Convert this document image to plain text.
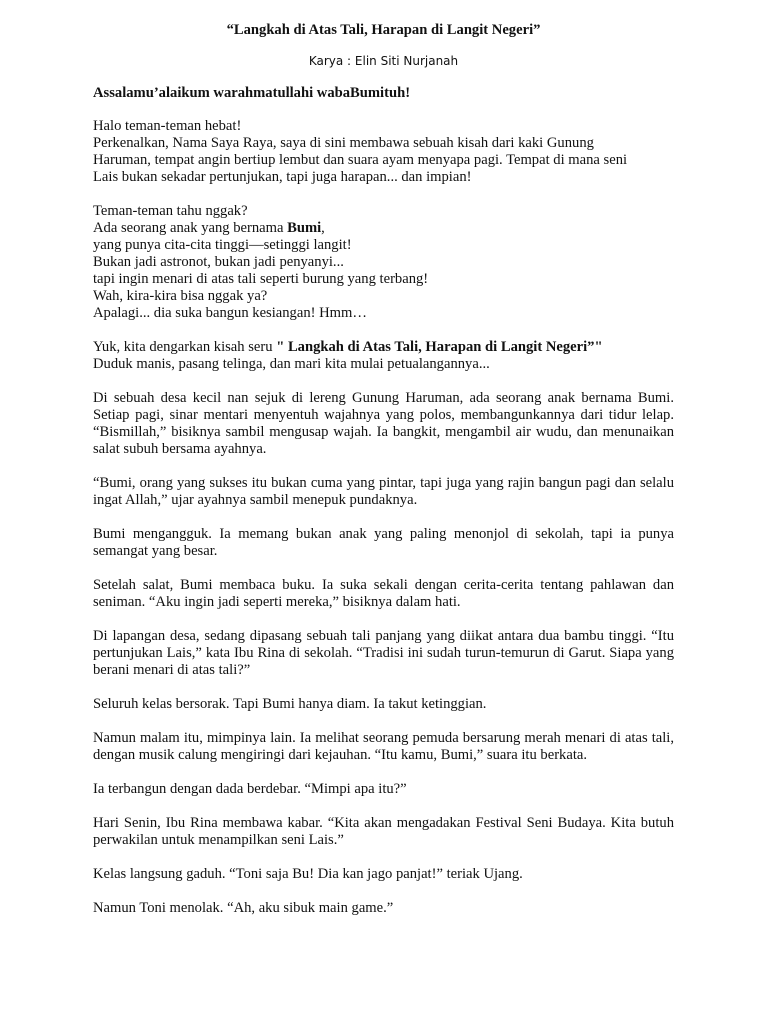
“Langkah di Atas Tali, Harapan di Langit Negeri”

Karya : Elin Siti Nurjanah

Assalamu’alaikum warahmatullahi wabaBumituh!

Halo teman-teman hebat!
Perkenalkan, Nama Saya Raya, saya di sini membawa sebuah kisah dari kaki Gunung
Haruman, tempat angin bertiup lembut dan suara ayam menyapa pagi. Tempat di mana seni
Lais bukan sekadar pertunjukan, tapi juga harapan... dan impian!

Teman-teman tahu nggak?
Ada seorang anak yang bernama Bumi,
yang punya cita-cita tinggi—setinggi langit!
Bukan jadi astronot, bukan jadi penyanyi...
tapi ingin menari di atas tali seperti burung yang terbang!
Wah, kira-kira bisa nggak ya?
Apalagi... dia suka bangun kesiangan! Hmm…

Yuk, kita dengarkan kisah seru " Langkah di Atas Tali, Harapan di Langit Negeri”"
Duduk manis, pasang telinga, dan mari kita mulai petualangannya...

Di sebuah desa kecil nan sejuk di lereng Gunung Haruman, ada seorang anak bernama Bumi. Setiap pagi, sinar mentari menyentuh wajahnya yang polos, membangunkannya dari tidur lelap. “Bismillah,” bisiknya sambil mengusap wajah. Ia bangkit, mengambil air wudu, dan menunaikan salat subuh bersama ayahnya.

“Bumi, orang yang sukses itu bukan cuma yang pintar, tapi juga yang rajin bangun pagi dan selalu ingat Allah,” ujar ayahnya sambil menepuk pundaknya.

Bumi mengangguk. Ia memang bukan anak yang paling menonjol di sekolah, tapi ia punya semangat yang besar.

Setelah salat, Bumi membaca buku. Ia suka sekali dengan cerita-cerita tentang pahlawan dan seniman. “Aku ingin jadi seperti mereka,” bisiknya dalam hati.

Di lapangan desa, sedang dipasang sebuah tali panjang yang diikat antara dua bambu tinggi. “Itu pertunjukan Lais,” kata Ibu Rina di sekolah. “Tradisi ini sudah turun-temurun di Garut. Siapa yang berani menari di atas tali?”

Seluruh kelas bersorak. Tapi Bumi hanya diam. Ia takut ketinggian.

Namun malam itu, mimpinya lain. Ia melihat seorang pemuda bersarung merah menari di atas tali, dengan musik calung mengiringi dari kejauhan. “Itu kamu, Bumi,” suara itu berkata.

Ia terbangun dengan dada berdebar. “Mimpi apa itu?”

Hari Senin, Ibu Rina membawa kabar. “Kita akan mengadakan Festival Seni Budaya. Kita butuh perwakilan untuk menampilkan seni Lais.”

Kelas langsung gaduh. “Toni saja Bu! Dia kan jago panjat!” teriak Ujang.

Namun Toni menolak. “Ah, aku sibuk main game.”
